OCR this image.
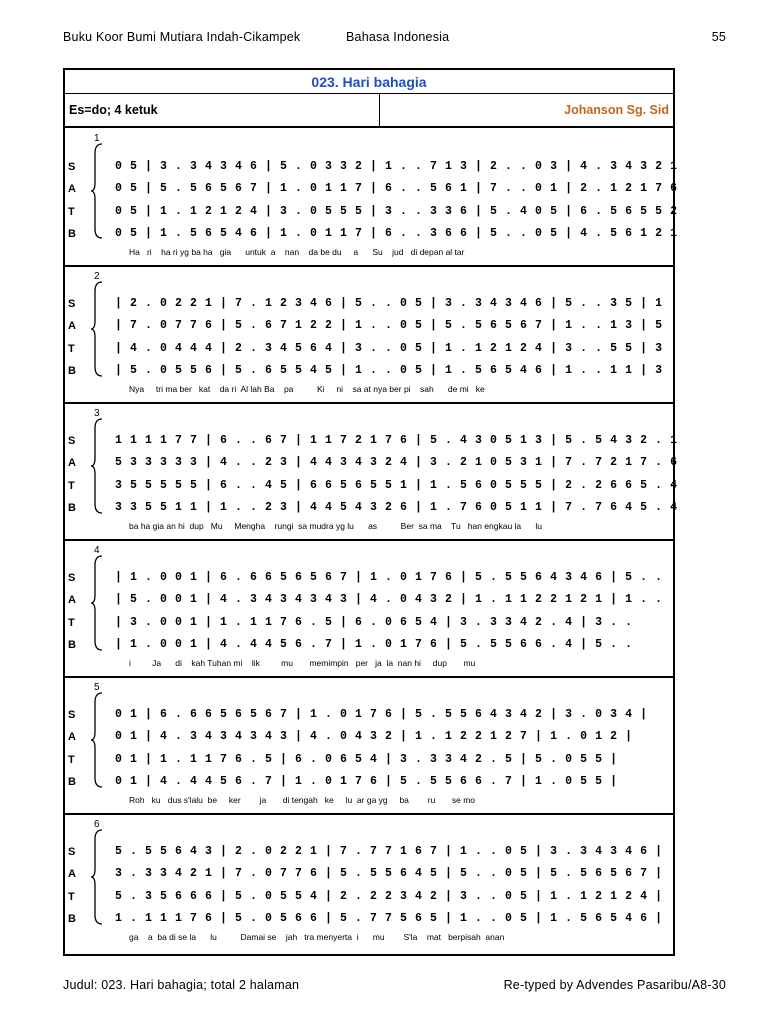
Buku Koor Bumi Mutiara Indah-Cikampek	Bahasa Indonesia	55
023. Hari bahagia
Es=do; 4 ketuk	Johanson Sg. Sid
1
S
A
T
B
0 5 | 3 . 3 4 3 4 6 | 5 . 0 3 3 2 | 1 . . 7 1 3 | 2 . . 0 3 | 4 . 3 4 3 2 1
0 5 | 5 . 5 6 5 6 7 | 1 . 0 1 1 7 | 6 . . 5 6 1 | 7 . . 0 1 | 2 . 1 2 1 7 6
0 5 | 1 . 1 2 1 2 4 | 3 . 0 5 5 5 | 3 . . 3 3 6 | 5 . 4 0 5 | 6 . 5 6 5 5 2
0 5 | 1 . 5 6 5 4 6 | 1 . 0 1 1 7 | 6 . . 3 6 6 | 5 . . 0 5 | 4 . 5 6 1 2 1
Ha   ri    ha ri yg ba ha   gia      untuk  a    nan    da be du     a      Su    jud   di depan al tar
2
S
A
T
B
| 2 . 0 2 2 1 | 7 . 1 2 3 4 6 | 5 . . 0 5 | 3 . 3 4 3 4 6 | 5 . . 3 5 | 1
| 7 . 0 7 7 6 | 5 . 6 7 1 2 2 | 1 . . 0 5 | 5 . 5 6 5 6 7 | 1 . . 1 3 | 5
| 4 . 0 4 4 4 | 2 . 3 4 5 6 4 | 3 . . 0 5 | 1 . 1 2 1 2 4 | 3 . . 5 5 | 3
| 5 . 0 5 5 6 | 5 . 6 5 5 4 5 | 1 . . 0 5 | 1 . 5 6 5 4 6 | 1 . . 1 1 | 3
Nya     tri ma ber   kat    da ri  Al lah Ba    pa          Ki     ni    sa at nya ber pi    sah      de mi   ke
3
S
A
T
B
1 1 1 1 7 7 | 6 . . 6 7 | 1 1 7 2 1 7 6 | 5 . 4 3 0 5 1 3 | 5 . 5 4 3 2 . 1
5 3 3 3 3 3 | 4 . . 2 3 | 4 4 3 4 3 2 4 | 3 . 2 1 0 5 3 1 | 7 . 7 2 1 7 . 6
3 5 5 5 5 5 | 6 . . 4 5 | 6 6 5 6 5 5 1 | 1 . 5 6 0 5 5 5 | 2 . 2 6 6 5 . 4
3 3 5 5 1 1 | 1 . . 2 3 | 4 4 5 4 3 2 6 | 1 . 7 6 0 5 1 1 | 7 . 7 6 4 5 . 4
ba ha gia an hi  dup   Mu     Mengha    rungi  sa mudra yg lu      as          Ber  sa ma    Tu   han engkau la      lu
4
S
A
T
B
| 1 . 0 0 1 | 6 . 6 6 5 6 5 6 7 | 1 . 0 1 7 6 | 5 . 5 5 6 4 3 4 6 | 5 . .
| 5 . 0 0 1 | 4 . 3 4 3 4 3 4 3 | 4 . 0 4 3 2 | 1 . 1 1 2 2 1 2 1 | 1 . .
| 3 . 0 0 1 | 1 . 1 1 7 6 . 5 | 6 . 0 6 5 4 | 3 . 3 3 4 2 . 4 | 3 . .
| 1 . 0 0 1 | 4 . 4 4 5 6 . 7 | 1 . 0 1 7 6 | 5 . 5 5 6 6 . 4 | 5 . .
i         Ja      di    kah Tuhan mi    lik         mu       memimpin   per   ja  la  nan hi     dup       mu
5
S
A
T
B
0 1 | 6 . 6 6 5 6 5 6 7 | 1 . 0 1 7 6 | 5 . 5 5 6 4 3 4 2 | 3 . 0 3 4 |
0 1 | 4 . 3 4 3 4 3 4 3 | 4 . 0 4 3 2 | 1 . 1 2 2 1 2 7 | 1 . 0 1 2 |
0 1 | 1 . 1 1 7 6 . 5 | 6 . 0 6 5 4 | 3 . 3 3 4 2 . 5 | 5 . 0 5 5 |
0 1 | 4 . 4 4 5 6 . 7 | 1 . 0 1 7 6 | 5 . 5 5 6 6 . 7 | 1 . 0 5 5 |
Roh   ku   dus s'lalu  be     ker        ja       di tengah   ke     lu  ar ga yg     ba        ru       se mo
6
S
A
T
B
5 . 5 5 6 4 3 | 2 . 0 2 2 1 | 7 . 7 7 1 6 7 | 1 . . 0 5 | 3 . 3 4 3 4 6 |
3 . 3 3 4 2 1 | 7 . 0 7 7 6 | 5 . 5 5 6 4 5 | 5 . . 0 5 | 5 . 5 6 5 6 7 |
5 . 3 5 6 6 6 | 5 . 0 5 5 4 | 2 . 2 2 3 4 2 | 3 . . 0 5 | 1 . 1 2 1 2 4 |
1 . 1 1 1 7 6 | 5 . 0 5 6 6 | 5 . 7 7 5 6 5 | 1 . . 0 5 | 1 . 5 6 5 4 6 |
ga    a  ba di se la      lu          Damai se    jah   tra menyerta  i      mu        S'la    mat   berpisah  anan
Judul: 023. Hari bahagia; total 2 halaman	Re-typed by Advendes Pasaribu/A8-30
